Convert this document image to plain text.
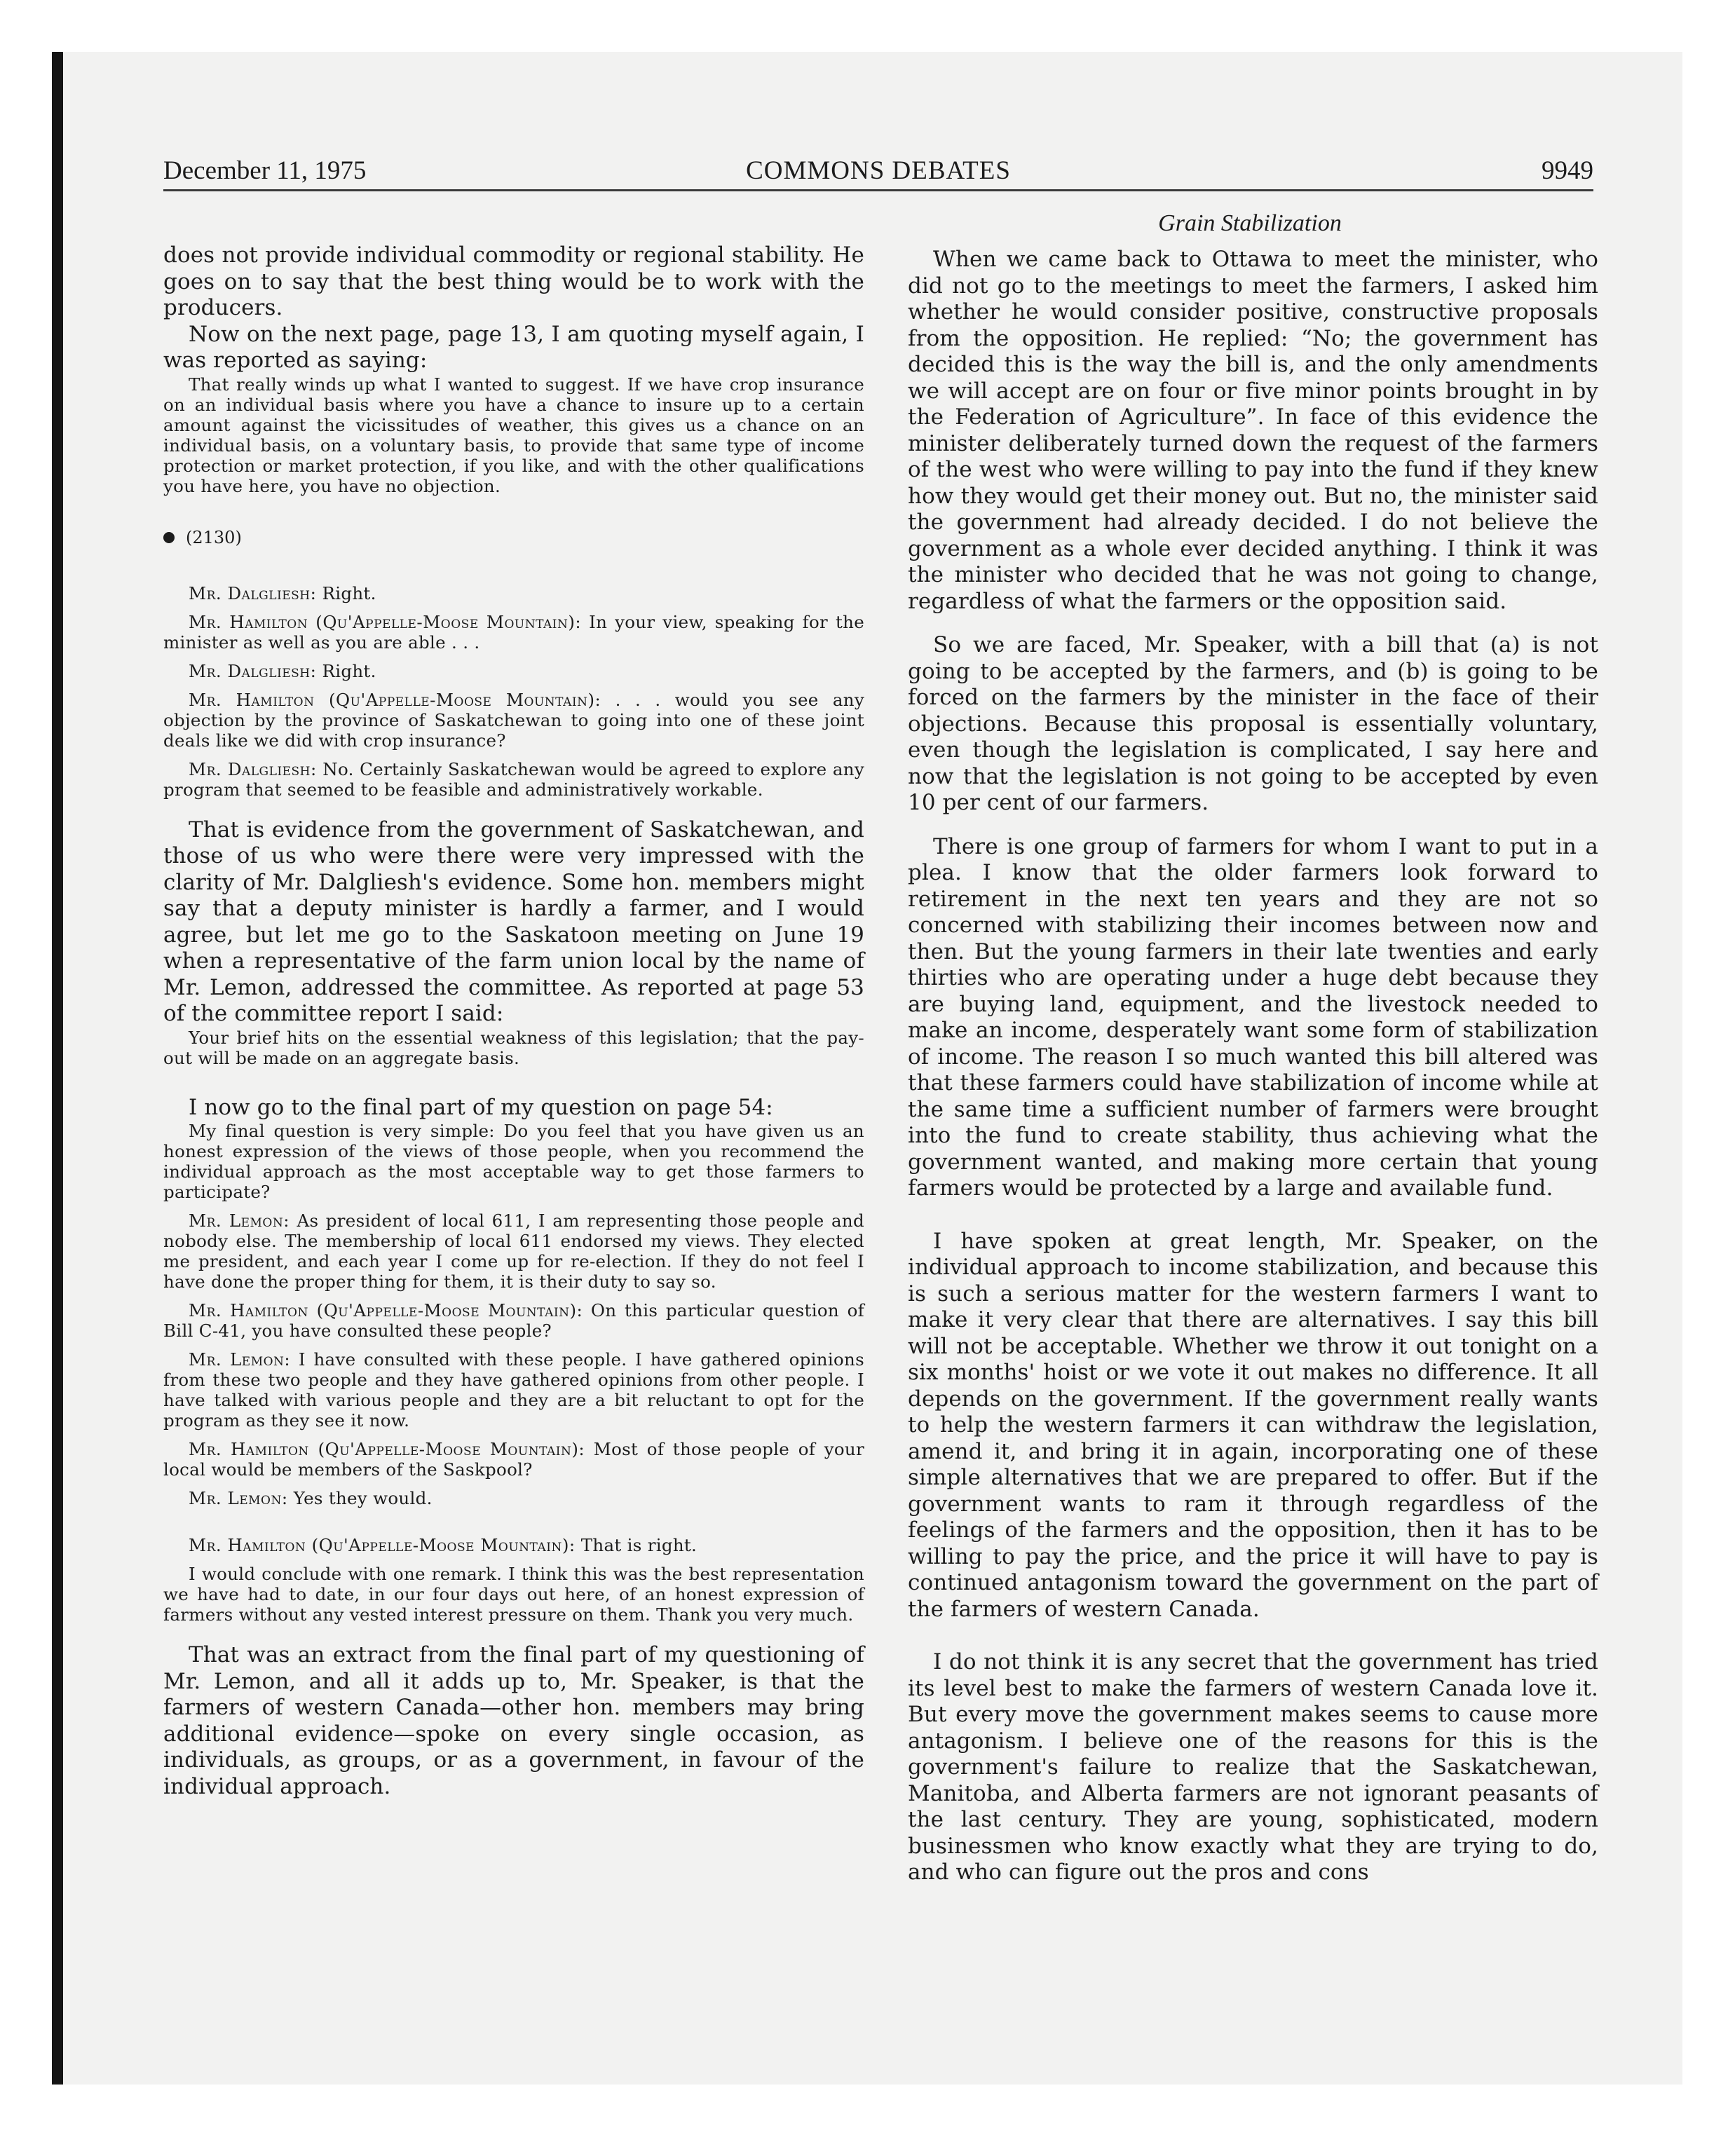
December 11, 1975	COMMONS DEBATES	9949
Grain Stabilization

does not provide individual commodity or regional stability. He goes on to say that the best thing would be to work with the producers.

Now on the next page, page 13, I am quoting myself again, I was reported as saying:

That really winds up what I wanted to suggest. If we have crop insurance on an individual basis where you have a chance to insure up to a certain amount against the vicissitudes of weather, this gives us a chance on an individual basis, on a voluntary basis, to provide that same type of income protection or market protection, if you like, and with the other qualifications you have here, you have no objection.

(2130)

Mr. Dalgliesh: Right.

Mr. Hamilton (Qu'Appelle-Moose Mountain): In your view, speaking for the minister as well as you are able . . .

Mr. Dalgliesh: Right.

Mr. Hamilton (Qu'Appelle-Moose Mountain): . . . would you see any objection by the province of Saskatchewan to going into one of these joint deals like we did with crop insurance?

Mr. Dalgliesh: No. Certainly Saskatchewan would be agreed to explore any program that seemed to be feasible and administratively workable.

That is evidence from the government of Saskatchewan, and those of us who were there were very impressed with the clarity of Mr. Dalgliesh's evidence. Some hon. members might say that a deputy minister is hardly a farmer, and I would agree, but let me go to the Saskatoon meeting on June 19 when a representative of the farm union local by the name of Mr. Lemon, addressed the committee. As reported at page 53 of the committee report I said:

Your brief hits on the essential weakness of this legislation; that the pay-out will be made on an aggregate basis.

I now go to the final part of my question on page 54:

My final question is very simple: Do you feel that you have given us an honest expression of the views of those people, when you recommend the individual approach as the most acceptable way to get those farmers to participate?

Mr. Lemon: As president of local 611, I am representing those people and nobody else. The membership of local 611 endorsed my views. They elected me president, and each year I come up for re-election. If they do not feel I have done the proper thing for them, it is their duty to say so.

Mr. Hamilton (Qu'Appelle-Moose Mountain): On this particular question of Bill C-41, you have consulted these people?

Mr. Lemon: I have consulted with these people. I have gathered opinions from these two people and they have gathered opinions from other people. I have talked with various people and they are a bit reluctant to opt for the program as they see it now.

Mr. Hamilton (Qu'Appelle-Moose Mountain): Most of those people of your local would be members of the Saskpool?

Mr. Lemon: Yes they would.

Mr. Hamilton (Qu'Appelle-Moose Mountain): That is right.

I would conclude with one remark. I think this was the best representation we have had to date, in our four days out here, of an honest expression of farmers without any vested interest pressure on them. Thank you very much.

That was an extract from the final part of my questioning of Mr. Lemon, and all it adds up to, Mr. Speaker, is that the farmers of western Canada—other hon. members may bring additional evidence—spoke on every single occasion, as individuals, as groups, or as a government, in favour of the individual approach.

When we came back to Ottawa to meet the minister, who did not go to the meetings to meet the farmers, I asked him whether he would consider positive, constructive proposals from the opposition. He replied: “No; the government has decided this is the way the bill is, and the only amendments we will accept are on four or five minor points brought in by the Federation of Agriculture”. In face of this evidence the minister deliberately turned down the request of the farmers of the west who were willing to pay into the fund if they knew how they would get their money out. But no, the minister said the government had already decided. I do not believe the government as a whole ever decided anything. I think it was the minister who decided that he was not going to change, regardless of what the farmers or the opposition said.

So we are faced, Mr. Speaker, with a bill that (a) is not going to be accepted by the farmers, and (b) is going to be forced on the farmers by the minister in the face of their objections. Because this proposal is essentially voluntary, even though the legislation is complicated, I say here and now that the legislation is not going to be accepted by even 10 per cent of our farmers.

There is one group of farmers for whom I want to put in a plea. I know that the older farmers look forward to retirement in the next ten years and they are not so concerned with stabilizing their incomes between now and then. But the young farmers in their late twenties and early thirties who are operating under a huge debt because they are buying land, equipment, and the livestock needed to make an income, desperately want some form of stabilization of income. The reason I so much wanted this bill altered was that these farmers could have stabilization of income while at the same time a sufficient number of farmers were brought into the fund to create stability, thus achieving what the government wanted, and making more certain that young farmers would be protected by a large and available fund.

I have spoken at great length, Mr. Speaker, on the individual approach to income stabilization, and because this is such a serious matter for the western farmers I want to make it very clear that there are alternatives. I say this bill will not be acceptable. Whether we throw it out tonight on a six months' hoist or we vote it out makes no difference. It all depends on the government. If the government really wants to help the western farmers it can withdraw the legislation, amend it, and bring it in again, incorporating one of these simple alternatives that we are prepared to offer. But if the government wants to ram it through regardless of the feelings of the farmers and the opposition, then it has to be willing to pay the price, and the price it will have to pay is continued antagonism toward the government on the part of the farmers of western Canada.

I do not think it is any secret that the government has tried its level best to make the farmers of western Canada love it. But every move the government makes seems to cause more antagonism. I believe one of the reasons for this is the government's failure to realize that the Saskatchewan, Manitoba, and Alberta farmers are not ignorant peasants of the last century. They are young, sophisticated, modern businessmen who know exactly what they are trying to do, and who can figure out the pros and cons
